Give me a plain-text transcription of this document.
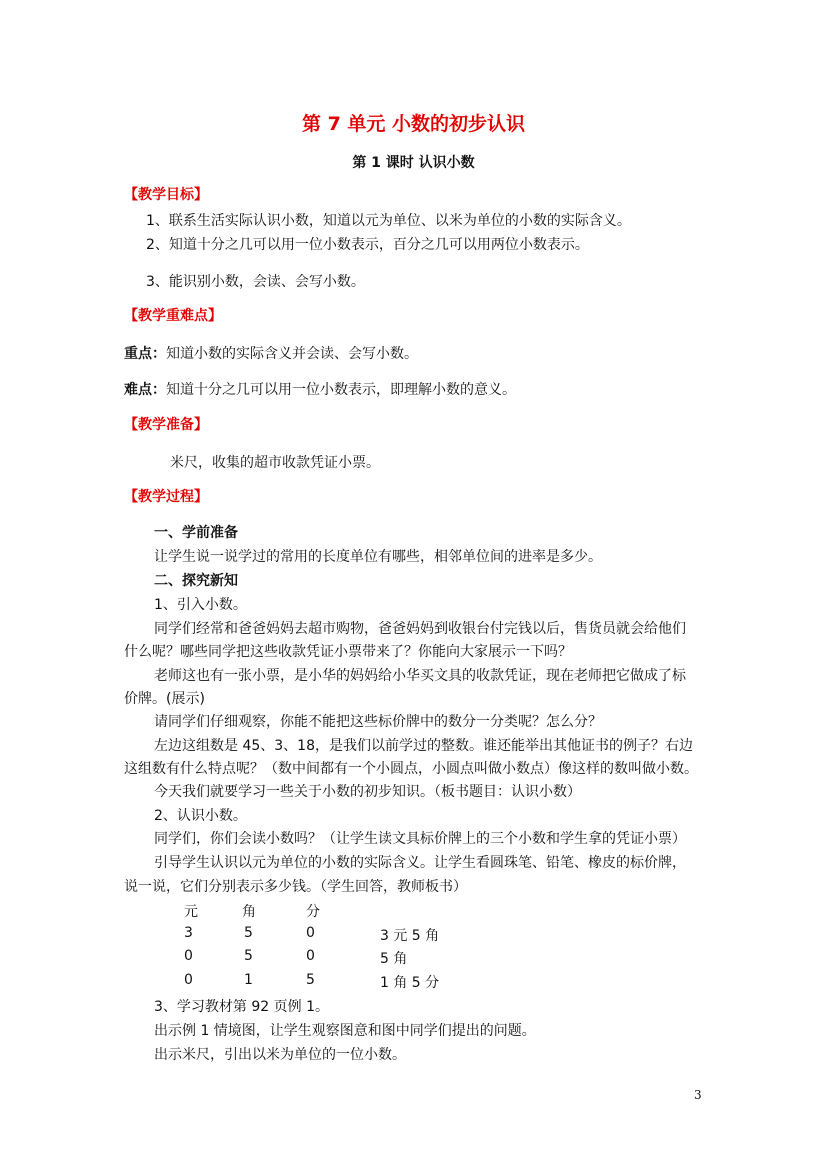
第 7 单元 小数的初步认识
第 1 课时 认识小数
【教学目标】
1、联系生活实际认识小数，知道以元为单位、以米为单位的小数的实际含义。
2、知道十分之几可以用一位小数表示，百分之几可以用两位小数表示。
3、能识别小数，会读、会写小数。
【教学重难点】
重点：知道小数的实际含义并会读、会写小数。
难点：知道十分之几可以用一位小数表示，即理解小数的意义。
【教学准备】
米尺，收集的超市收款凭证小票。
【教学过程】
一、学前准备
让学生说一说学过的常用的长度单位有哪些，相邻单位间的进率是多少。
二、探究新知
1、引入小数。
同学们经常和爸爸妈妈去超市购物，爸爸妈妈到收银台付完钱以后，售货员就会给他们
什么呢？哪些同学把这些收款凭证小票带来了？你能向大家展示一下吗？
老师这也有一张小票，是小华的妈妈给小华买文具的收款凭证，现在老师把它做成了标
价牌。(展示)
请同学们仔细观察，你能不能把这些标价牌中的数分一分类呢？怎么分？
左边这组数是 45、3、18，是我们以前学过的整数。谁还能举出其他证书的例子？右边
这组数有什么特点呢？（数中间都有一个小圆点，小圆点叫做小数点）像这样的数叫做小数。
今天我们就要学习一些关于小数的初步知识。（板书题目：认识小数）
2、认识小数。
同学们，你们会读小数吗？（让学生读文具标价牌上的三个小数和学生拿的凭证小票）
引导学生认识以元为单位的小数的实际含义。让学生看圆珠笔、铅笔、橡皮的标价牌，
说一说，它们分别表示多少钱。（学生回答，教师板书）
元	角	分
3	5	0	3 元 5 角
0	5	0	5 角
0	1	5	1 角 5 分
3、学习教材第 92 页例 1。
出示例 1 情境图，让学生观察图意和图中同学们提出的问题。
出示米尺，引出以米为单位的一位小数。
3
